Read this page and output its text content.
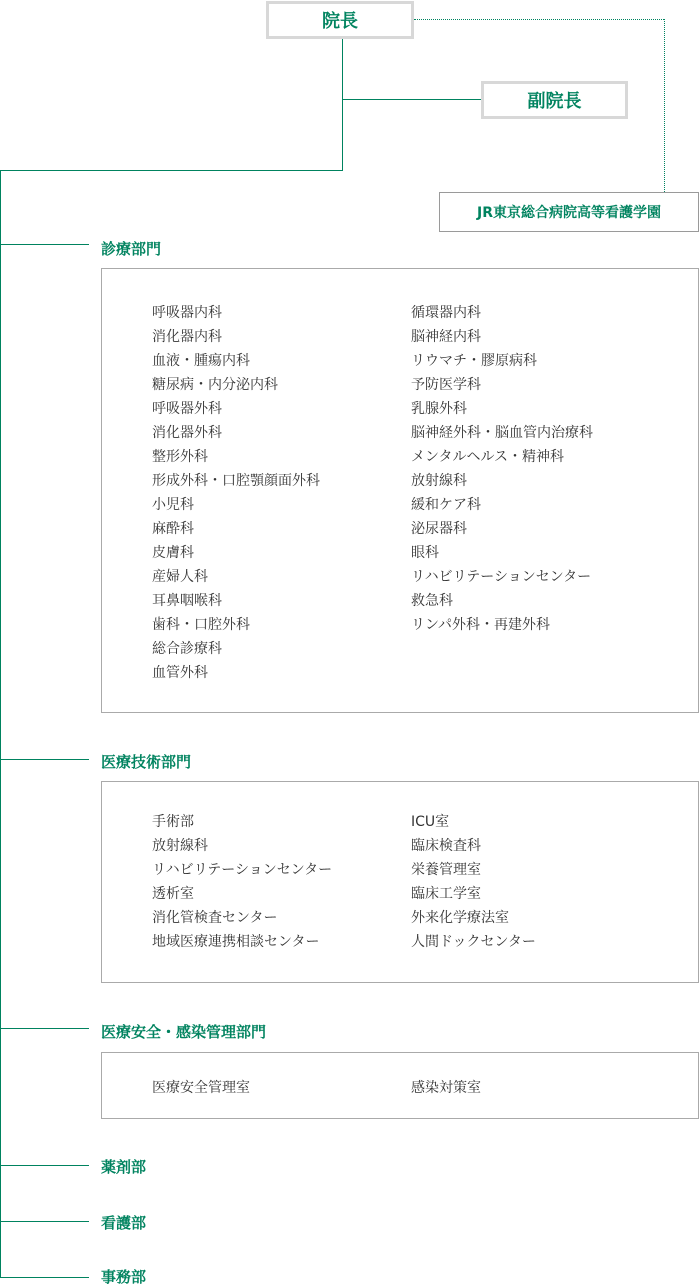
院長
副院長
JR東京総合病院高等看護学園
診療部門
呼吸器内科
消化器内科
血液・腫瘍内科
糖尿病・内分泌内科
呼吸器外科
消化器外科
整形外科
形成外科・口腔顎顔面外科
小児科
麻酔科
皮膚科
産婦人科
耳鼻咽喉科
歯科・口腔外科
総合診療科
血管外科
循環器内科
脳神経内科
リウマチ・膠原病科
予防医学科
乳腺外科
脳神経外科・脳血管内治療科
メンタルヘルス・精神科
放射線科
緩和ケア科
泌尿器科
眼科
リハビリテーションセンター
救急科
リンパ外科・再建外科
医療技術部門
手術部
放射線科
リハビリテーションセンター
透析室
消化管検査センター
地域医療連携相談センター
ICU室
臨床検査科
栄養管理室
臨床工学室
外来化学療法室
人間ドックセンター
医療安全・感染管理部門
医療安全管理室	感染対策室
薬剤部
看護部
事務部
